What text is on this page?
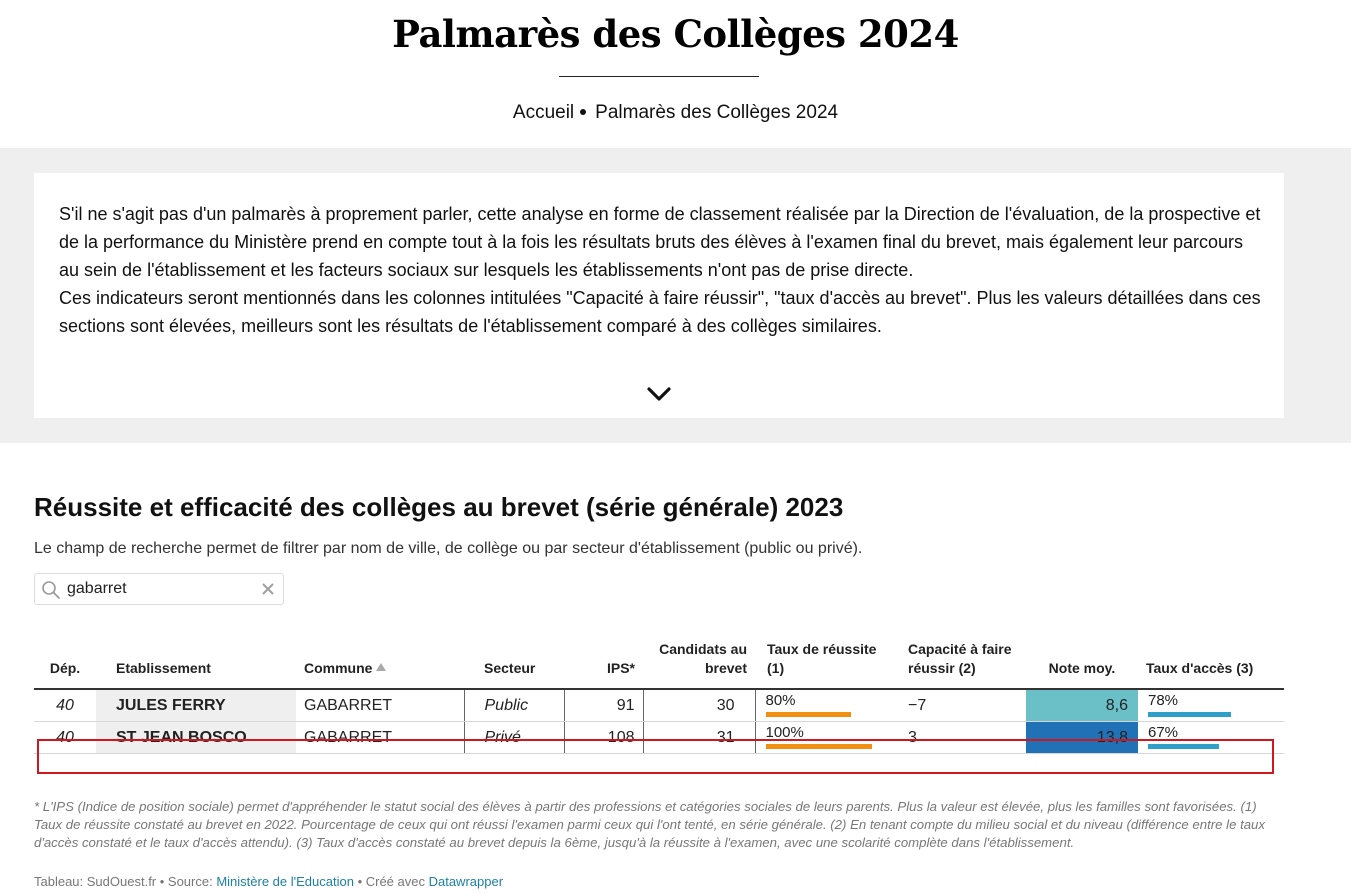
Palmarès des Collèges 2024
Accueil Palmarès des Collèges 2024

S'il ne s'agit pas d'un palmarès à proprement parler, cette analyse en forme de classement réalisée par la Direction de l'évaluation, de la prospective et de la performance du Ministère prend en compte tout à la fois les résultats bruts des élèves à l'examen final du brevet, mais également leur parcours au sein de l'établissement et les facteurs sociaux sur lesquels les établissements n'ont pas de prise directe.

Ces indicateurs seront mentionnés dans les colonnes intitulées "Capacité à faire réussir", "taux d'accès au brevet". Plus les valeurs détaillées dans ces sections sont élevées, meilleurs sont les résultats de l'établissement comparé à des collèges similaires.

Réussite et efficacité des collèges au brevet (série générale) 2023
Le champ de recherche permet de filtrer par nom de ville, de collège ou par secteur d'établissement (public ou privé).
gabarret
Dép.	Etablissement	Commune	Secteur	IPS*	Candidats au brevet	Taux de réussite (1)	Capacité à faire réussir (2)	Note moy.	Taux d'accès (3)
40	JULES FERRY	GABARRET	Public	91	30	80%	−7	8,6	78%

40	ST JEAN BOSCO	GABARRET	Privé	108	31	100%	3	13,8	67%
* L'IPS (Indice de position sociale) permet d'appréhender le statut social des élèves à partir des professions et catégories sociales de leurs parents. Plus la valeur est élevée, plus les familles sont favorisées. (1) Taux de réussite constaté au brevet en 2022. Pourcentage de ceux qui ont réussi l'examen parmi ceux qui l'ont tenté, en série générale. (2) En tenant compte du milieu social et du niveau (différence entre le taux d'accès constaté et le taux d'accès attendu). (3) Taux d'accès constaté au brevet depuis la 6ème, jusqu'à la réussite à l'examen, avec une scolarité complète dans l'établissement.
Tableau: SudOuest.fr • Source: Ministère de l'Education • Créé avec Datawrapper
